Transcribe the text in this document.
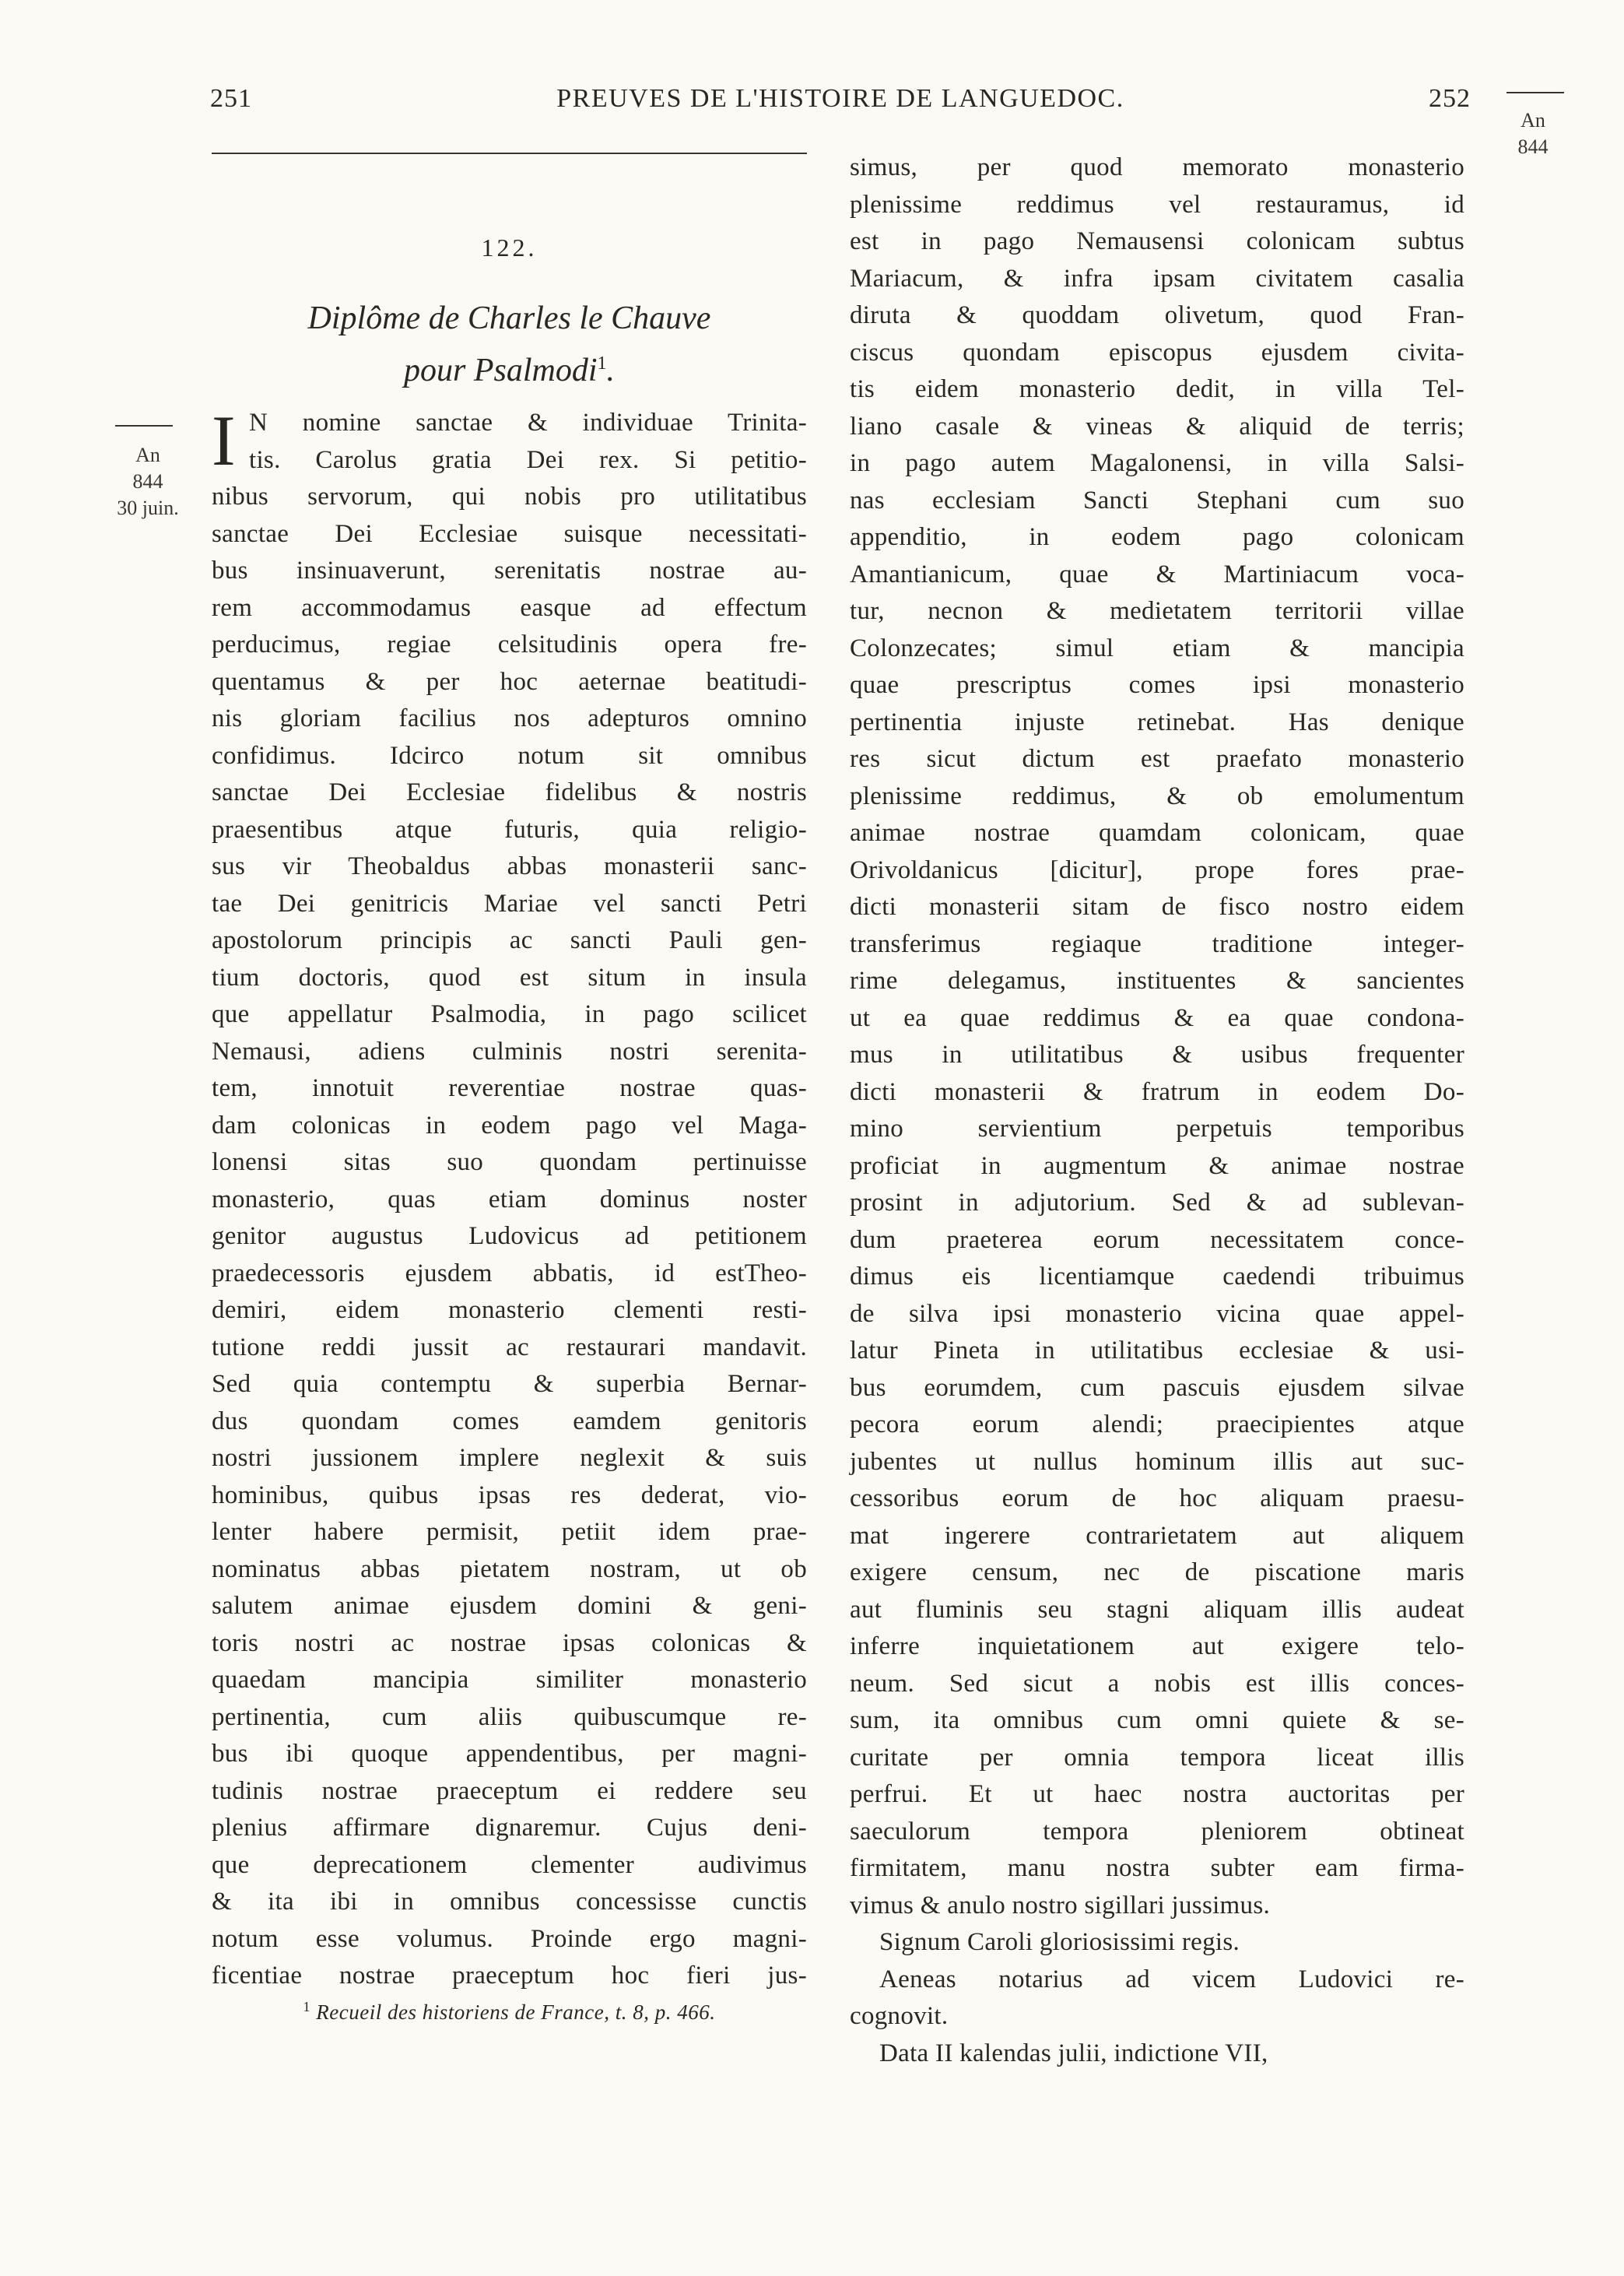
251	PREUVES DE L'HISTOIRE DE LANGUEDOC.	252
An
844
An
844
30 juin.
122.
Diplôme de Charles le Chauve
pour Psalmodi$^1$.
I N nomine sanctae & individuae Trinita-
tis. Carolus gratia Dei rex. Si petitio-
nibus servorum, qui nobis pro utilitatibus
sanctae Dei Ecclesiae suisque necessitati-
bus insinuaverunt, serenitatis nostrae au-
rem accommodamus easque ad effectum
perducimus, regiae celsitudinis opera fre-
quentamus & per hoc aeternae beatitudi-
nis gloriam facilius nos adepturos omnino
confidimus. Idcirco notum sit omnibus
sanctae Dei Ecclesiae fidelibus & nostris
praesentibus atque futuris, quia religio-
sus vir Theobaldus abbas monasterii sanc-
tae Dei genitricis Mariae vel sancti Petri
apostolorum principis ac sancti Pauli gen-
tium doctoris, quod est situm in insula
que appellatur Psalmodia, in pago scilicet
Nemausi, adiens culminis nostri serenita-
tem, innotuit reverentiae nostrae quas-
dam colonicas in eodem pago vel Maga-
lonensi sitas suo quondam pertinuisse
monasterio, quas etiam dominus noster
genitor augustus Ludovicus ad petitionem
praedecessoris ejusdem abbatis, id estTheo-
demiri, eidem monasterio clementi resti-
tutione reddi jussit ac restaurari mandavit.
Sed quia contemptu & superbia Bernar-
dus quondam comes eamdem genitoris
nostri jussionem implere neglexit & suis
hominibus, quibus ipsas res dederat, vio-
lenter habere permisit, petiit idem prae-
nominatus abbas pietatem nostram, ut ob
salutem animae ejusdem domini & geni-
toris nostri ac nostrae ipsas colonicas &
quaedam mancipia similiter monasterio
pertinentia, cum aliis quibuscumque re-
bus ibi quoque appendentibus, per magni-
tudinis nostrae praeceptum ei reddere seu
plenius affirmare dignaremur. Cujus deni-
que deprecationem clementer audivimus
& ita ibi in omnibus concessisse cunctis
notum esse volumus. Proinde ergo magni-
ficentiae nostrae praeceptum hoc fieri jus-
simus, per quod memorato monasterio
plenissime reddimus vel restauramus, id
est in pago Nemausensi colonicam subtus
Mariacum, & infra ipsam civitatem casalia
diruta & quoddam olivetum, quod Fran-
ciscus quondam episcopus ejusdem civita-
tis eidem monasterio dedit, in villa Tel-
liano casale & vineas & aliquid de terris;
in pago autem Magalonensi, in villa Salsi-
nas ecclesiam Sancti Stephani cum suo
appenditio, in eodem pago colonicam
Amantianicum, quae & Martiniacum voca-
tur, necnon & medietatem territorii villae
Colonzecates; simul etiam & mancipia
quae prescriptus comes ipsi monasterio
pertinentia injuste retinebat. Has denique
res sicut dictum est praefato monasterio
plenissime reddimus, & ob emolumentum
animae nostrae quamdam colonicam, quae
Orivoldanicus [dicitur], prope fores prae-
dicti monasterii sitam de fisco nostro eidem
transferimus regiaque traditione integer-
rime delegamus, instituentes & sancientes
ut ea quae reddimus & ea quae condona-
mus in utilitatibus & usibus frequenter
dicti monasterii & fratrum in eodem Do-
mino servientium perpetuis temporibus
proficiat in augmentum & animae nostrae
prosint in adjutorium. Sed & ad sublevan-
dum praeterea eorum necessitatem conce-
dimus eis licentiamque caedendi tribuimus
de silva ipsi monasterio vicina quae appel-
latur Pineta in utilitatibus ecclesiae & usi-
bus eorumdem, cum pascuis ejusdem silvae
pecora eorum alendi; praecipientes atque
jubentes ut nullus hominum illis aut suc-
cessoribus eorum de hoc aliquam praesu-
mat ingerere contrarietatem aut aliquem
exigere censum, nec de piscatione maris
aut fluminis seu stagni aliquam illis audeat
inferre inquietationem aut exigere telo-
neum. Sed sicut a nobis est illis conces-
sum, ita omnibus cum omni quiete & se-
curitate per omnia tempora liceat illis
perfrui. Et ut haec nostra auctoritas per
saeculorum tempora pleniorem obtineat
firmitatem, manu nostra subter eam firma-
vimus & anulo nostro sigillari jussimus.
Signum Caroli gloriosissimi regis.
Aeneas notarius ad vicem Ludovici re-
cognovit.
Data II kalendas julii, indictione VII,
$^1$ Recueil des historiens de France, t. 8, p. 466.
